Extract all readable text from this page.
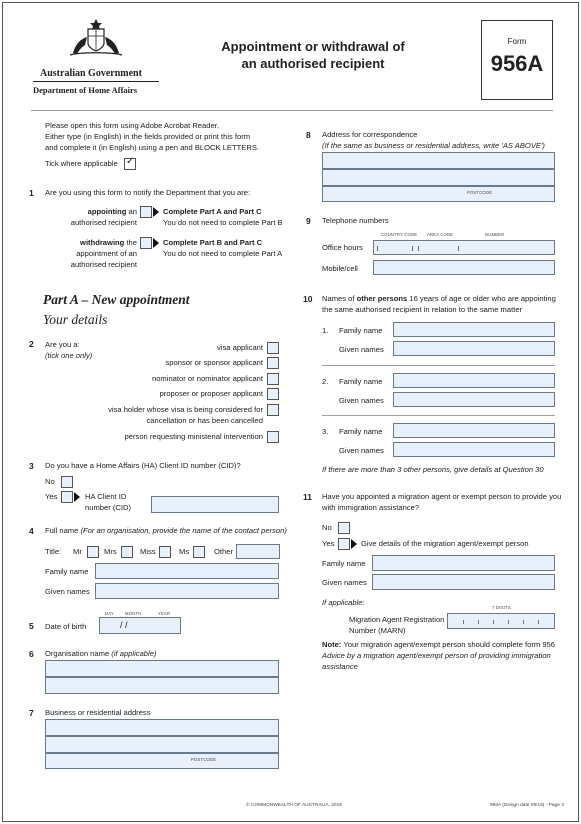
Australian Government
Department of Home Affairs
Appointment or withdrawal of
an authorised recipient
Form
956A
Please open this form using Adobe Acrobat Reader.
Either type (in English) in the fields provided or print this form
and complete it (in English) using a pen and BLOCK LETTERS.
Tick where applicable ✓
1 Are you using this form to notify the Department that you are:
appointing an
authorised recipient
Complete Part A and Part C
You do not need to complete Part B
withdrawing the
appointment of an
authorised recipient
Complete Part B and Part C
You do not need to complete Part A
Part A – New appointment
Your details
2 Are you a:
(tick one only)
visa applicant
sponsor or sponsor applicant
nominator or nominator applicant
proposer or proposer applicant
visa holder whose visa is being considered for
cancellation or has been cancelled
person requesting ministerial intervention
3 Do you have a Home Affairs (HA) Client ID number (CID)?
No
Yes	HA Client ID
number (CID)
4 Full name (For an organisation, provide the name of the contact person)
Title: Mr	Mrs	Miss	Ms	Other
Family name
Given names
DAY	MONTH	YEAR
5 Date of birth	/ /
6 Organisation name (if applicable)
7 Business or residential address
POSTCODE
8 Address for correspondence
(If the same as business or residential address, write 'AS ABOVE')
POSTCODE
9 Telephone numbers
COUNTRY CODE AREA CODE	NUMBER
Office hours
Mobile/cell
10 Names of other persons 16 years of age or older who are appointing
the same authorised recipient in relation to the same matter
1. Family name
Given names
2. Family name
Given names
3. Family name
Given names
If there are more than 3 other persons, give details at Question 30
11 Have you appointed a migration agent or exempt person to provide you
with immigration assistance?
No
Yes	Give details of the migration agent/exempt person
Family name
Given names
If applicable:
7 DIGITS
Migration Agent Registration
Number (MARN)
Note: Your migration agent/exempt person should complete form 956
Advice by a migration agent/exempt person of providing immigration
assistance
© COMMONWEALTH OF AUSTRALIA, 2019	956A (Design date 09/19) - Page 3
